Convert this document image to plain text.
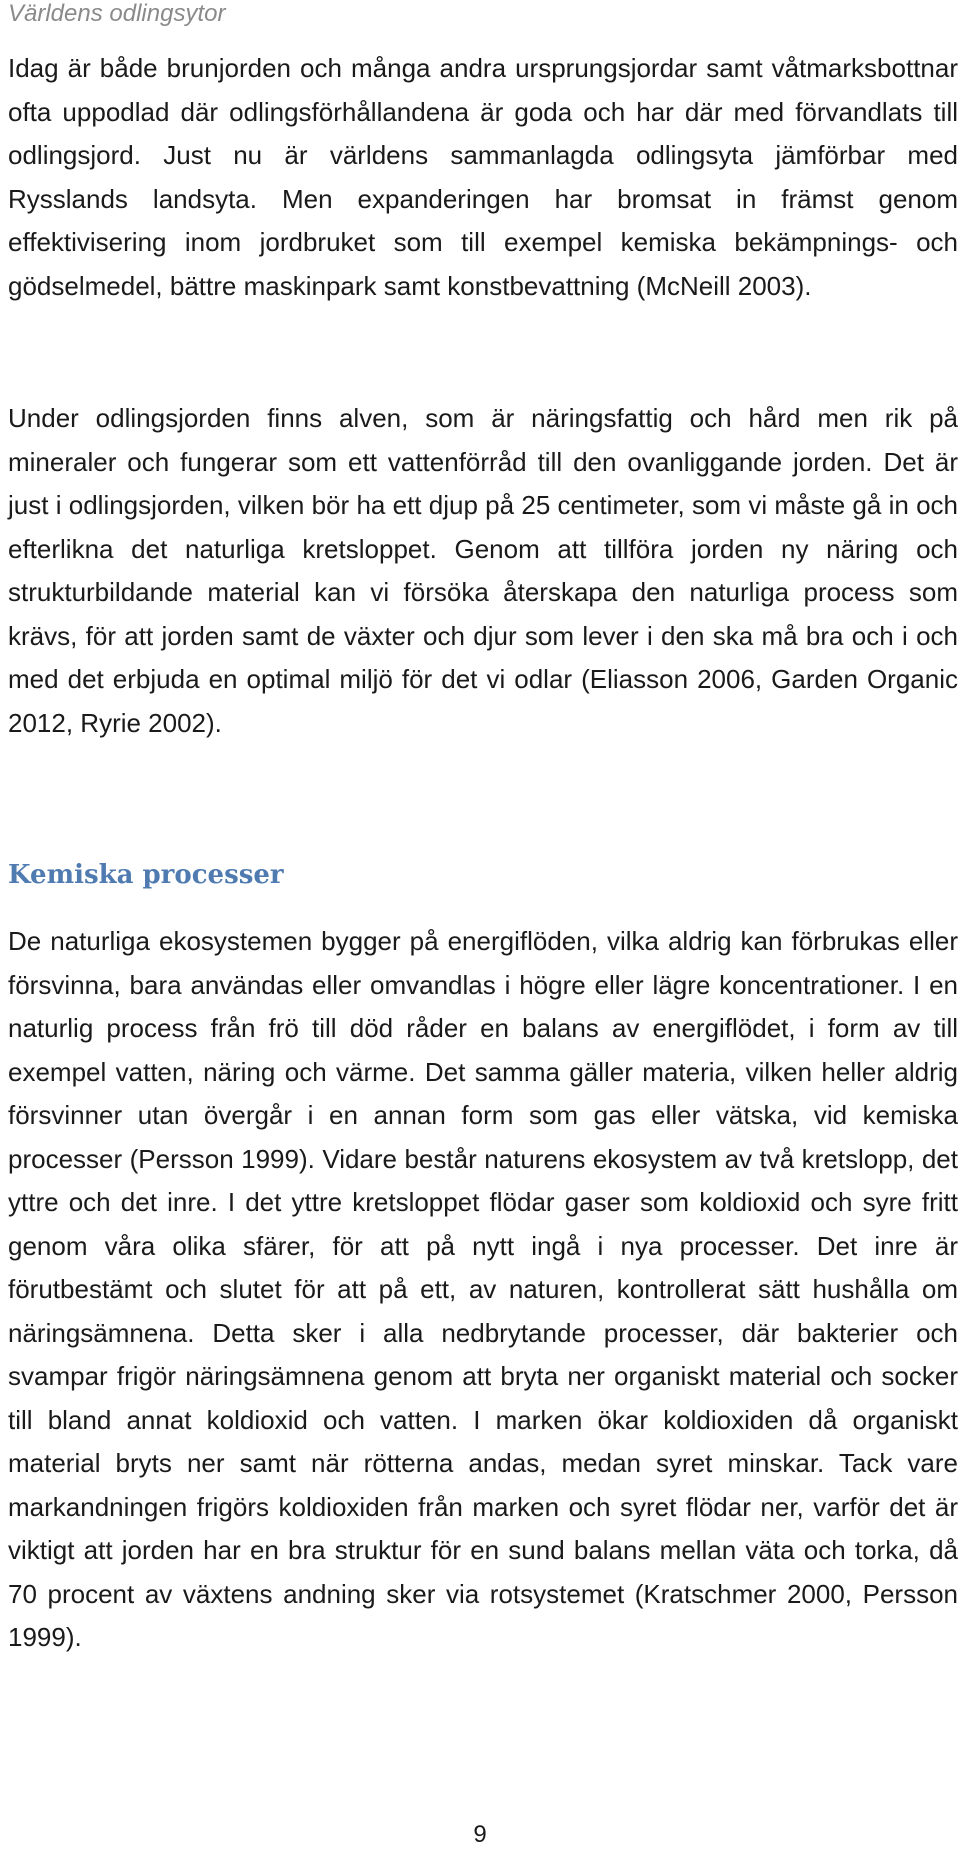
Världens odlingsytor

Idag är både brunjorden och många andra ursprungsjordar samt våtmarksbottnar ofta uppodlad där odlingsförhållandena är goda och har där med förvandlats till odlingsjord. Just nu är världens sammanlagda odlingsyta jämförbar med Rysslands landsyta. Men expanderingen har bromsat in främst genom effektivisering inom jordbruket som till exempel kemiska bekämpnings- och gödselmedel, bättre maskinpark samt konstbevattning (McNeill 2003).

Under odlingsjorden finns alven, som är näringsfattig och hård men rik på mineraler och fungerar som ett vattenförråd till den ovanliggande jorden. Det är just i odlingsjorden, vilken bör ha ett djup på 25 centimeter, som vi måste gå in och efterlikna det naturliga kretsloppet. Genom att tillföra jorden ny näring och strukturbildande material kan vi försöka återskapa den naturliga process som krävs, för att jorden samt de växter och djur som lever i den ska må bra och i och med det erbjuda en optimal miljö för det vi odlar (Eliasson 2006, Garden Organic 2012, Ryrie 2002).

Kemiska processer

De naturliga ekosystemen bygger på energiflöden, vilka aldrig kan förbrukas eller försvinna, bara användas eller omvandlas i högre eller lägre koncentrationer. I en naturlig process från frö till död råder en balans av energiflödet, i form av till exempel vatten, näring och värme. Det samma gäller materia, vilken heller aldrig försvinner utan övergår i en annan form som gas eller vätska, vid kemiska processer (Persson 1999). Vidare består naturens ekosystem av två kretslopp, det yttre och det inre. I det yttre kretsloppet flödar gaser som koldioxid och syre fritt genom våra olika sfärer, för att på nytt ingå i nya processer. Det inre är förutbestämt och slutet för att på ett, av naturen, kontrollerat sätt hushålla om näringsämnena. Detta sker i alla nedbrytande processer, där bakterier och svampar frigör näringsämnena genom att bryta ner organiskt material och socker till bland annat koldioxid och vatten. I marken ökar koldioxiden då organiskt material bryts ner samt när rötterna andas, medan syret minskar. Tack vare markandningen frigörs koldioxiden från marken och syret flödar ner, varför det är viktigt att jorden har en bra struktur för en sund balans mellan väta och torka, då 70 procent av växtens andning sker via rotsystemet (Kratschmer 2000, Persson 1999).

9
